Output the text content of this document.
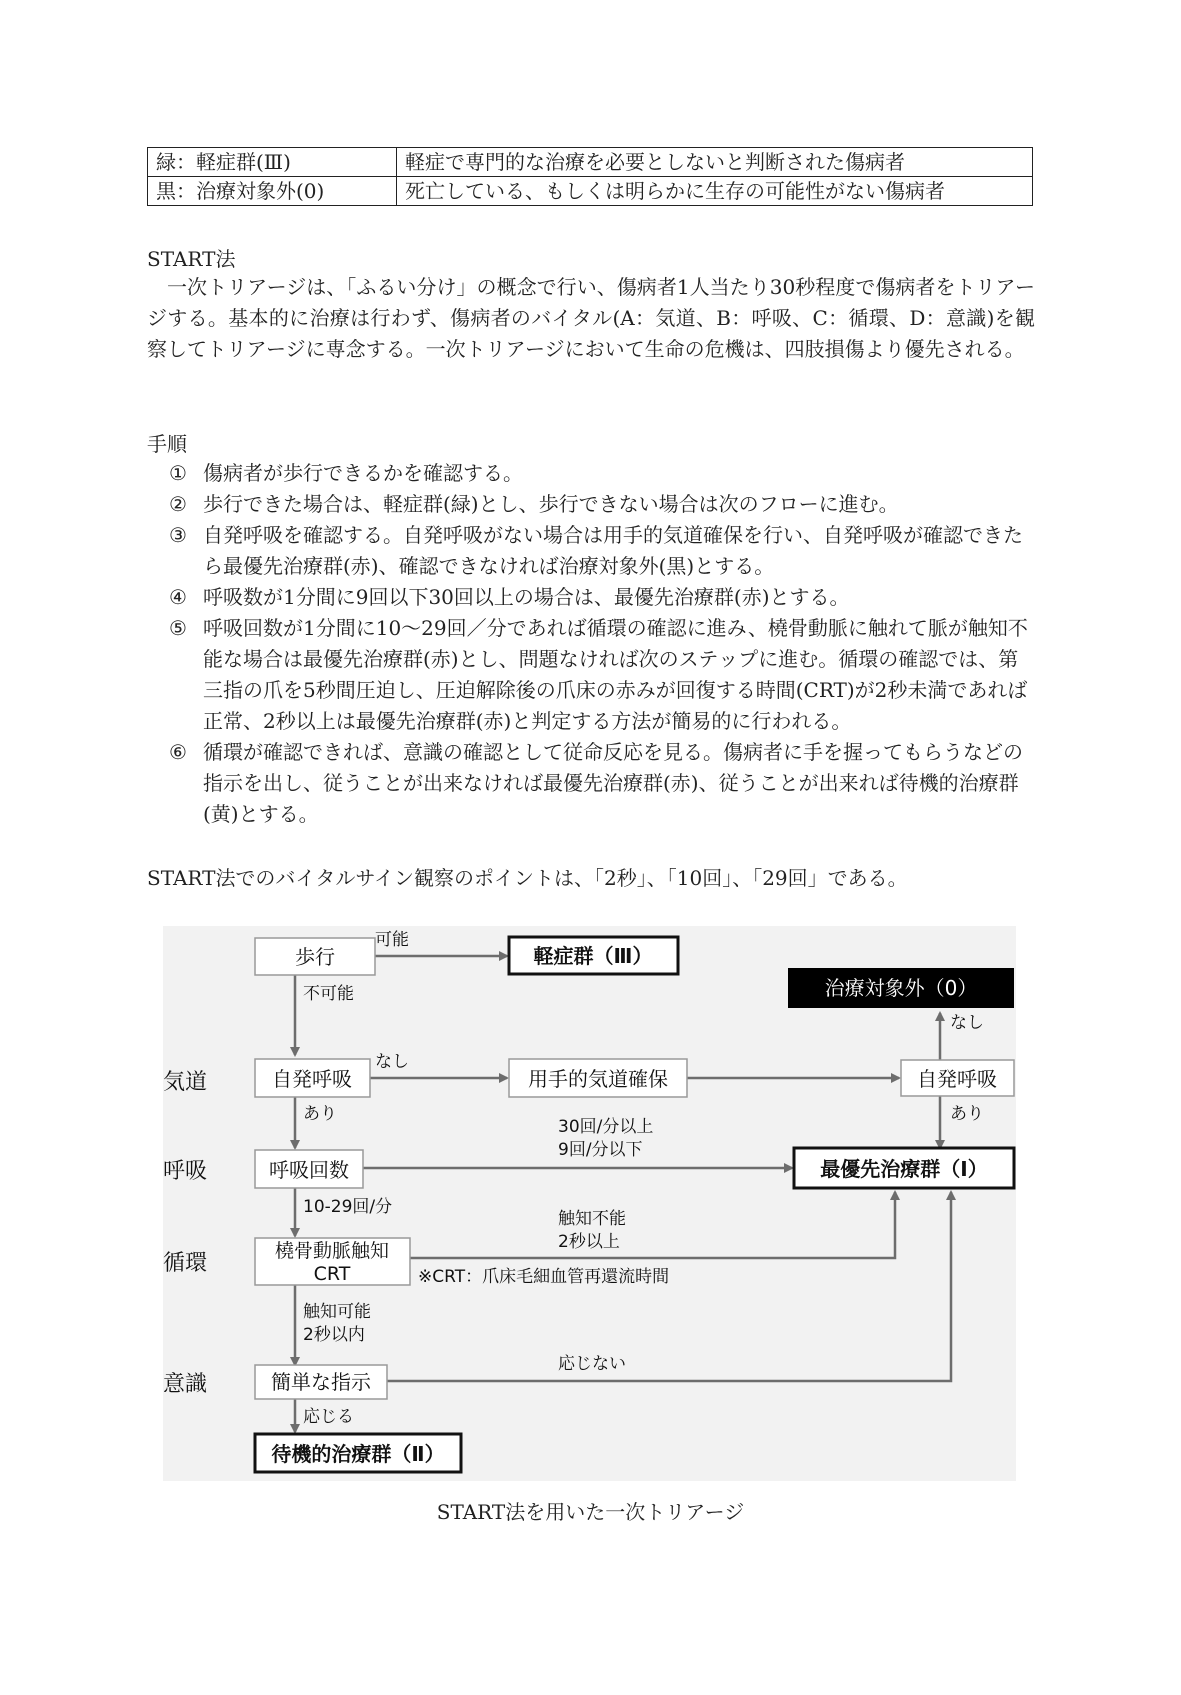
緑：軽症群(Ⅲ)	軽症で専門的な治療を必要としないと判断された傷病者
黒：治療対象外(0)	死亡している、もしくは明らかに生存の可能性がない傷病者
START法
一次トリアージは、「ふるい分け」の概念で行い、傷病者1人当たり30秒程度で傷病者をトリアージする。基本的に治療は行わず、傷病者のバイタル(A：気道、B：呼吸、C：循環、D：意識)を観察してトリアージに専念する。一次トリアージにおいて生命の危機は、四肢損傷より優先される。
手順
① 傷病者が歩行できるかを確認する。
② 歩行できた場合は、軽症群(緑)とし、歩行できない場合は次のフローに進む。
③ 自発呼吸を確認する。自発呼吸がない場合は用手的気道確保を行い、自発呼吸が確認できたら最優先治療群(赤)、確認できなければ治療対象外(黒)とする。
④ 呼吸数が1分間に9回以下30回以上の場合は、最優先治療群(赤)とする。
⑤ 呼吸回数が1分間に10～29回／分であれば循環の確認に進み、橈骨動脈に触れて脈が触知不能な場合は最優先治療群(赤)とし、問題なければ次のステップに進む。循環の確認では、第三指の爪を5秒間圧迫し、圧迫解除後の爪床の赤みが回復する時間(CRT)が2秒未満であれば正常、2秒以上は最優先治療群(赤)と判定する方法が簡易的に行われる。
⑥ 循環が確認できれば、意識の確認として従命反応を見る。傷病者に手を握ってもらうなどの指示を出し、従うことが出来なければ最優先治療群(赤)、従うことが出来れば待機的治療群(黄)とする。
START法でのバイタルサイン観察のポイントは、「2秒」、「10回」、「29回」である。
気道
呼吸
循環
意識
歩行	軽症群（Ⅲ）
治療対象外（0）
自発呼吸	用手的気道確保	自発呼吸
呼吸回数	最優先治療群（Ⅰ）
橈骨動脈触知
CRT
簡単な指示
待機的治療群（Ⅱ）
可能
不可能
なし
あり
なし
あり
30回/分以上
9回/分以下
10-29回/分
触知不能
2秒以上
触知可能
2秒以内
応じない
応じる
※CRT：爪床毛細血管再還流時間
START法を用いた一次トリアージ
